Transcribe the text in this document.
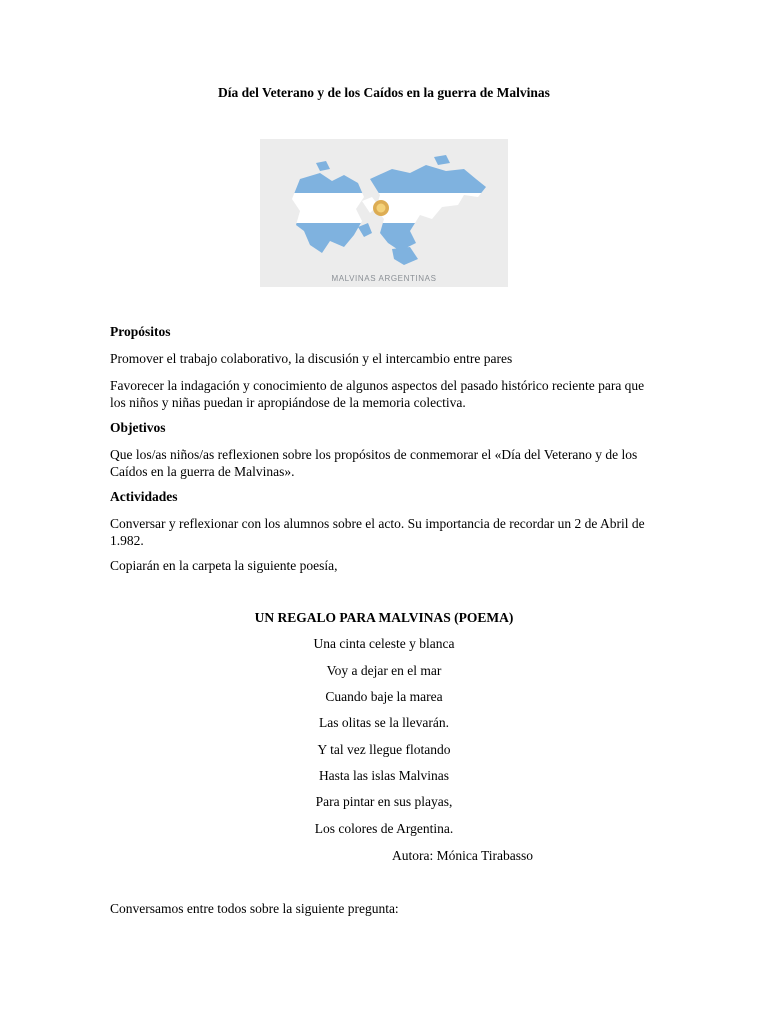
Día del Veterano y de los Caídos en la guerra de Malvinas
MALVINAS ARGENTINAS
Propósitos
Promover el trabajo colaborativo, la discusión y el intercambio entre pares
Favorecer la indagación y conocimiento de algunos aspectos del pasado histórico reciente para que los niños y niñas puedan ir apropiándose de la memoria colectiva.
Objetivos
Que los/as niños/as reflexionen sobre los propósitos de conmemorar el «Día del Veterano y de los Caídos en la guerra de Malvinas».
Actividades
Conversar y reflexionar con los alumnos sobre el acto. Su importancia de recordar un 2 de Abril de 1.982.
Copiarán en la carpeta la siguiente poesía,
UN REGALO PARA MALVINAS (POEMA)
Una cinta celeste y blanca
Voy a dejar en el mar
Cuando baje la marea
Las olitas se la llevarán.
Y tal vez llegue flotando
Hasta las islas Malvinas
Para pintar en sus playas,
Los colores de Argentina.
Autora: Mónica Tirabasso
Conversamos entre todos sobre la siguiente pregunta:
